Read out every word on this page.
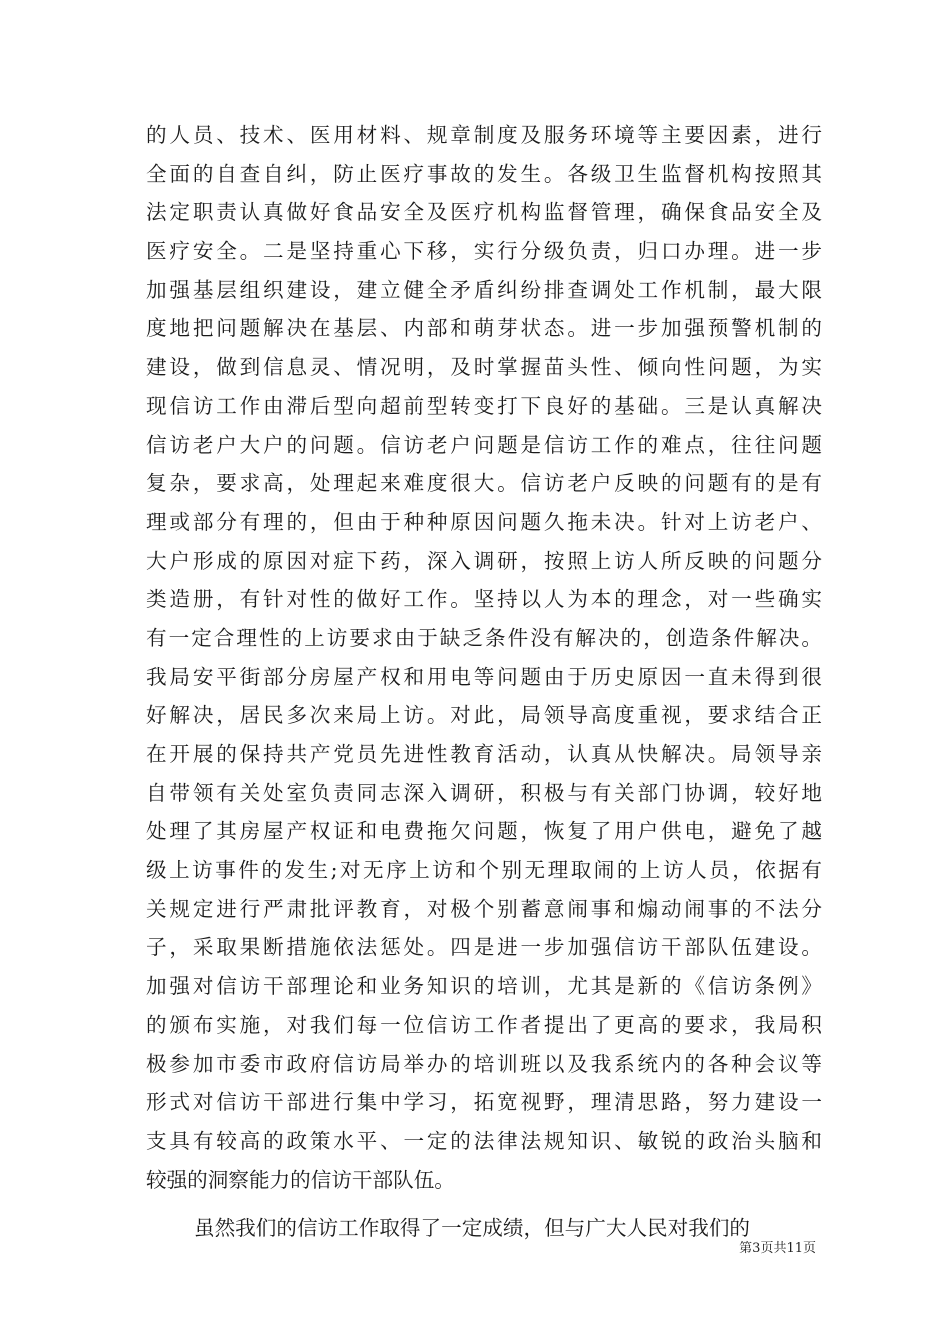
的人员、技术、医用材料、规章制度及服务环境等主要因素，进行
全面的自查自纠，防止医疗事故的发生。各级卫生监督机构按照其
法定职责认真做好食品安全及医疗机构监督管理，确保食品安全及
医疗安全。二是坚持重心下移，实行分级负责，归口办理。进一步
加强基层组织建设，建立健全矛盾纠纷排查调处工作机制，最大限
度地把问题解决在基层、内部和萌芽状态。进一步加强预警机制的
建设，做到信息灵、情况明，及时掌握苗头性、倾向性问题，为实
现信访工作由滞后型向超前型转变打下良好的基础。三是认真解决
信访老户大户的问题。信访老户问题是信访工作的难点，往往问题
复杂，要求高，处理起来难度很大。信访老户反映的问题有的是有
理或部分有理的，但由于种种原因问题久拖未决。针对上访老户、
大户形成的原因对症下药，深入调研，按照上访人所反映的问题分
类造册，有针对性的做好工作。坚持以人为本的理念，对一些确实
有一定合理性的上访要求由于缺乏条件没有解决的，创造条件解决。
我局安平街部分房屋产权和用电等问题由于历史原因一直未得到很
好解决，居民多次来局上访。对此，局领导高度重视，要求结合正
在开展的保持共产党员先进性教育活动，认真从快解决。局领导亲
自带领有关处室负责同志深入调研，积极与有关部门协调，较好地
处理了其房屋产权证和电费拖欠问题，恢复了用户供电，避免了越
级上访事件的发生;对无序上访和个别无理取闹的上访人员，依据有
关规定进行严肃批评教育，对极个别蓄意闹事和煽动闹事的不法分
子，采取果断措施依法惩处。四是进一步加强信访干部队伍建设。
加强对信访干部理论和业务知识的培训，尤其是新的《信访条例》
的颁布实施，对我们每一位信访工作者提出了更高的要求，我局积
极参加市委市政府信访局举办的培训班以及我系统内的各种会议等
形式对信访干部进行集中学习，拓宽视野，理清思路，努力建设一
支具有较高的政策水平、一定的法律法规知识、敏锐的政治头脑和
较强的洞察能力的信访干部队伍。
虽然我们的信访工作取得了一定成绩，但与广大人民对我们的
第3页共11页
